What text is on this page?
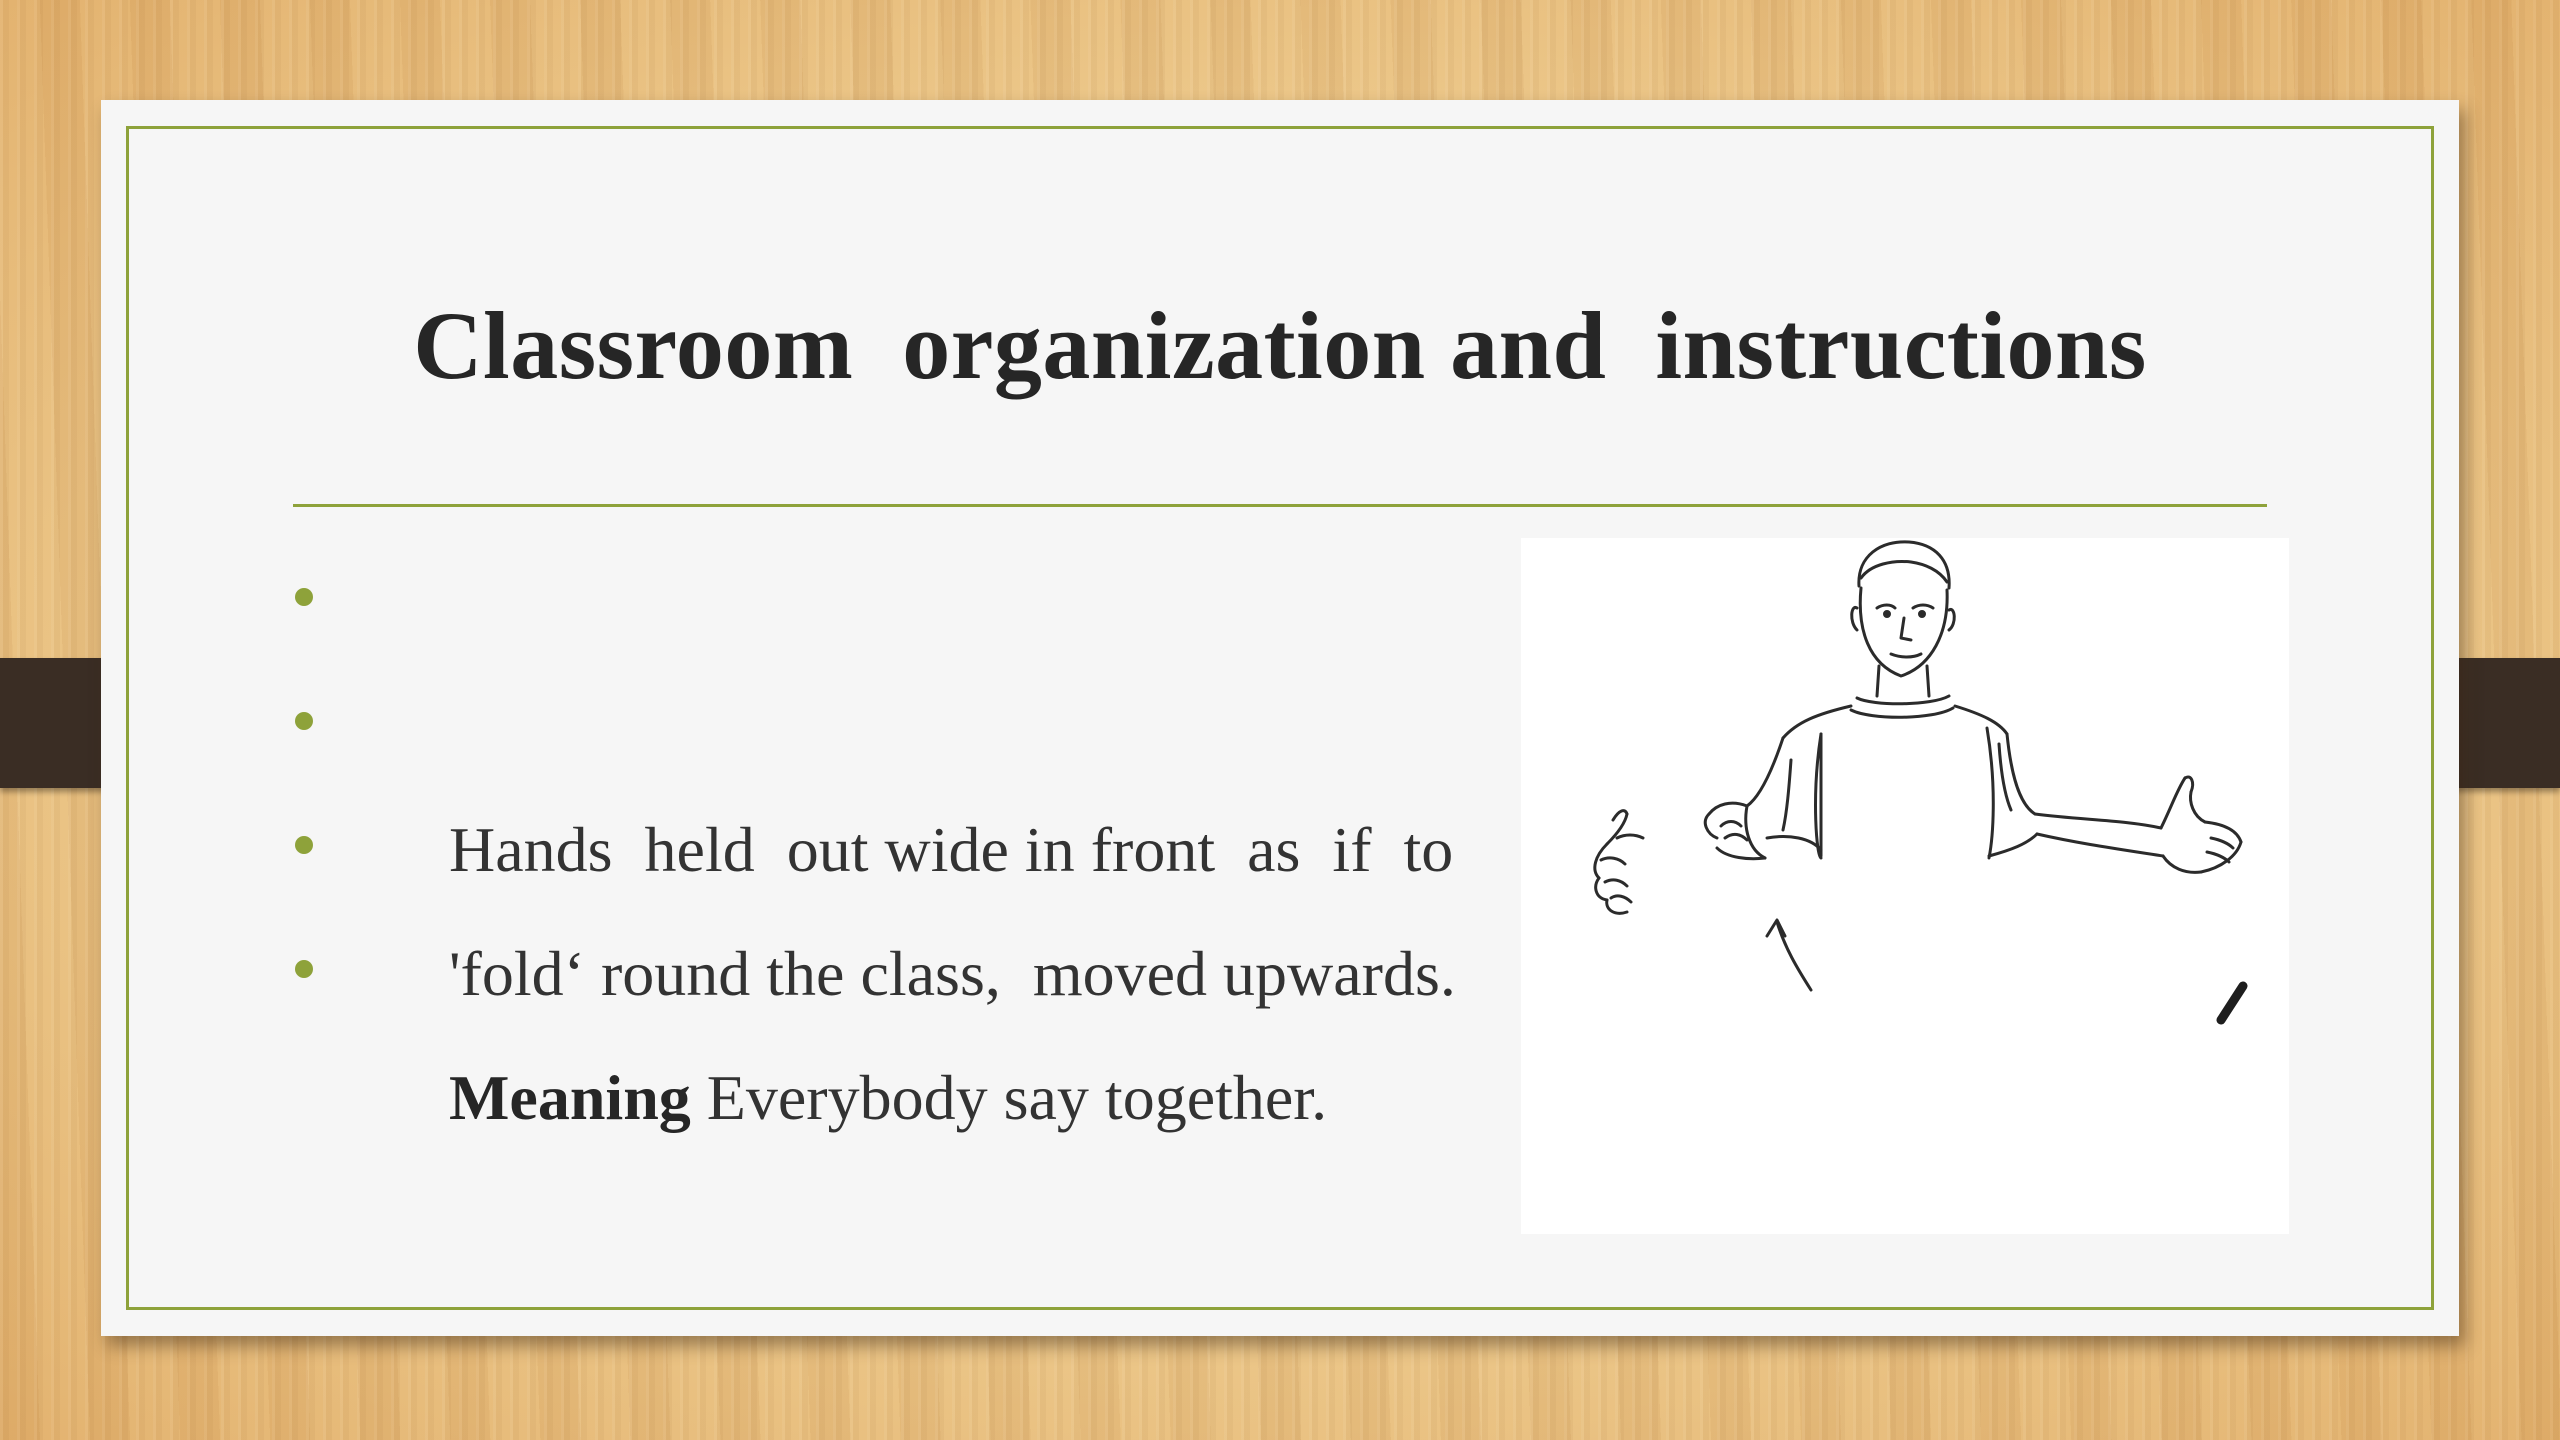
Classroom  organization and  instructions

Hands  held  out wide in front  as  if  to

'fold‘ round the class,  moved upwards.

Meaning Everybody say together.
